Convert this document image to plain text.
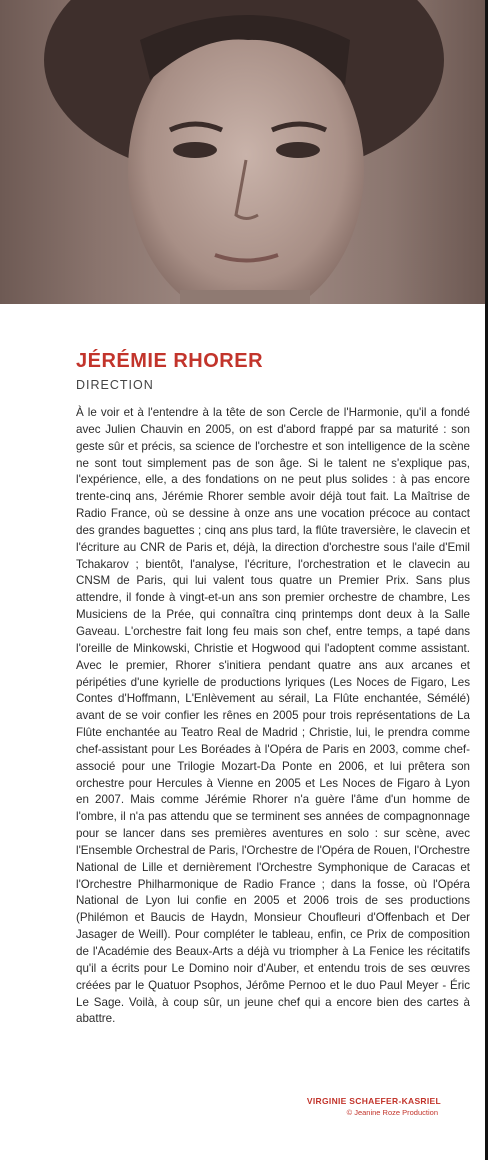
JÉRÉMIE RHORER

DIRECTION

À le voir et à l'entendre à la tête de son Cercle de l'Harmonie, qu'il a fondé avec Julien Chauvin en 2005, on est d'abord frappé par sa maturité : son geste sûr et précis, sa science de l'orchestre et son intelligence de la scène ne sont tout simplement pas de son âge. Si le talent ne s'explique pas, l'expérience, elle, a des fondations on ne peut plus solides : à pas encore trente-cinq ans, Jérémie Rhorer semble avoir déjà tout fait. La Maîtrise de Radio France, où se dessine à onze ans une vocation précoce au contact des grandes baguettes ; cinq ans plus tard, la flûte traversière, le clavecin et l'écriture au CNR de Paris et, déjà, la direction d'orchestre sous l'aile d'Emil Tchakarov ; bientôt, l'analyse, l'écriture, l'orchestration et le clavecin au CNSM de Paris, qui lui valent tous quatre un Premier Prix. Sans plus attendre, il fonde à vingt-et-un ans son premier orchestre de chambre, Les Musiciens de la Prée, qui connaîtra cinq printemps dont deux à la Salle Gaveau. L'orchestre fait long feu mais son chef, entre temps, a tapé dans l'oreille de Minkowski, Christie et Hogwood qui l'adoptent comme assistant. Avec le premier, Rhorer s'initiera pendant quatre ans aux arcanes et péripéties d'une kyrielle de productions lyriques (Les Noces de Figaro, Les Contes d'Hoffmann, L'Enlèvement au sérail, La Flûte enchantée, Sémélé) avant de se voir confier les rênes en 2005 pour trois représentations de La Flûte enchantée au Teatro Real de Madrid ; Christie, lui, le prendra comme chef-assistant pour Les Boréades à l'Opéra de Paris en 2003, comme chef-associé pour une Trilogie Mozart-Da Ponte en 2006, et lui prêtera son orchestre pour Hercules à Vienne en 2005 et Les Noces de Figaro à Lyon en 2007. Mais comme Jérémie Rhorer n'a guère l'âme d'un homme de l'ombre, il n'a pas attendu que se terminent ses années de compagnonnage pour se lancer dans ses premières aventures en solo : sur scène, avec l'Ensemble Orchestral de Paris, l'Orchestre de l'Opéra de Rouen, l'Orchestre National de Lille et dernièrement l'Orchestre Symphonique de Caracas et l'Orchestre Philharmonique de Radio France ; dans la fosse, où l'Opéra National de Lyon lui confie en 2005 et 2006 trois de ses productions (Philémon et Baucis de Haydn, Monsieur Choufleuri d'Offenbach et Der Jasager de Weill). Pour compléter le tableau, enfin, ce Prix de composition de l'Académie des Beaux-Arts a déjà vu triompher à La Fenice les récitatifs qu'il a écrits pour Le Domino noir d'Auber, et entendu trois de ses œuvres créées par le Quatuor Psophos, Jérôme Pernoo et le duo Paul Meyer - Éric Le Sage. Voilà, à coup sûr, un jeune chef qui a encore bien des cartes à abattre.

VIRGINIE SCHAEFER-KASRIEL

© Jeanine Roze Production
